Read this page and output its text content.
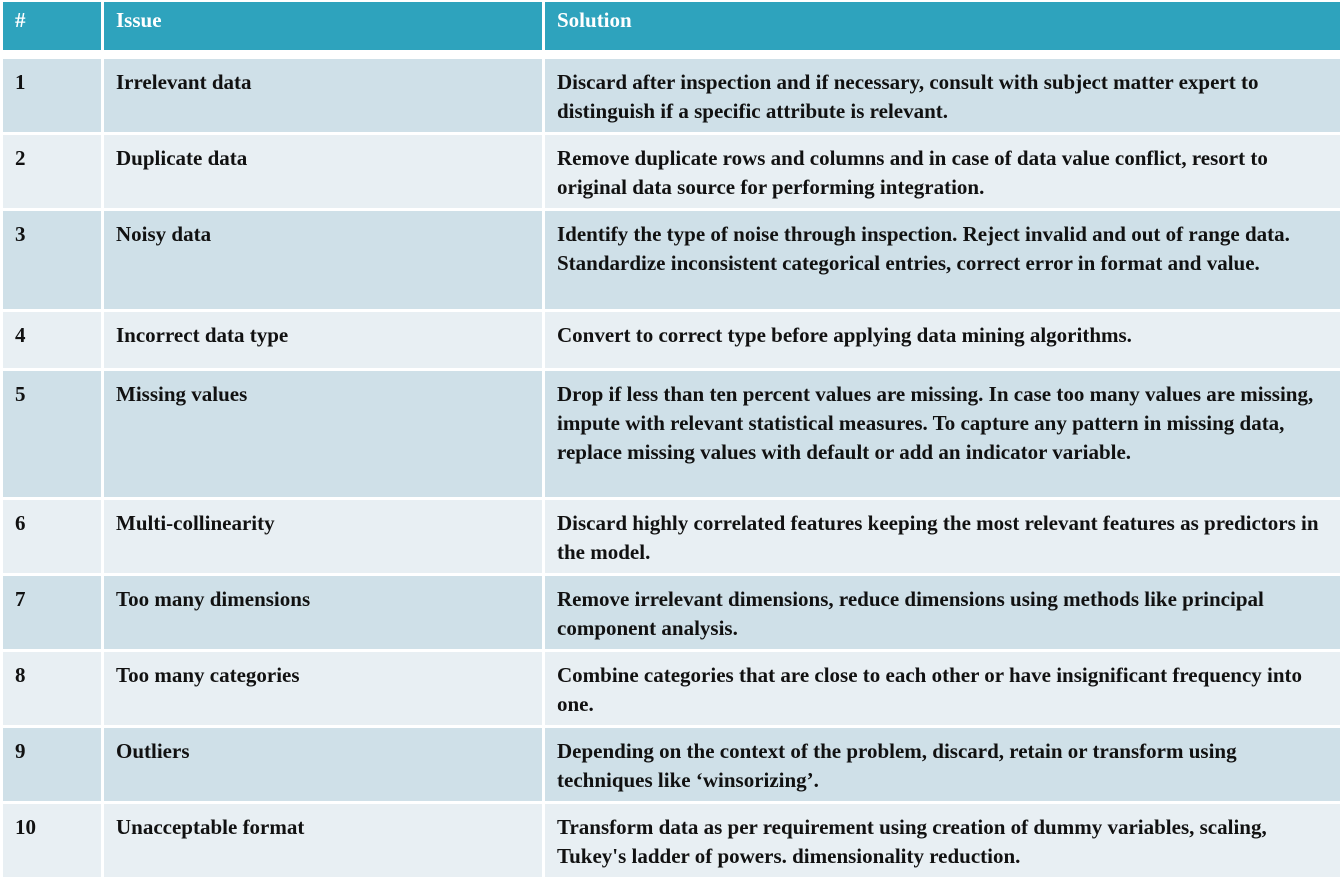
#	Issue	Solution

1	Irrelevant data	Discard after inspection and if necessary, consult with subject matter expert to distinguish if a specific attribute is relevant.
2	Duplicate data	Remove duplicate rows and columns and in case of data value conflict, resort to original data source for performing integration.
3	Noisy data	Identify the type of noise through inspection. Reject invalid and out of range data. Standardize inconsistent categorical entries, correct error in format and value.
4	Incorrect data type	Convert to correct type before applying data mining algorithms.
5	Missing values	Drop if less than ten percent values are missing. In case too many values are missing, impute with relevant statistical measures. To capture any pattern in missing data, replace missing values with default or add an indicator variable.
6	Multi-collinearity	Discard highly correlated features keeping the most relevant features as predictors in the model.
7	Too many dimensions	Remove irrelevant dimensions, reduce dimensions using methods like principal component analysis.
8	Too many categories	Combine categories that are close to each other or have insignificant frequency into one.
9	Outliers	Depending on the context of the problem, discard, retain or transform using techniques like ‘winsorizing’.
10	Unacceptable format	Transform data as per requirement using creation of dummy variables, scaling, Tukey's ladder of powers. dimensionality reduction.
